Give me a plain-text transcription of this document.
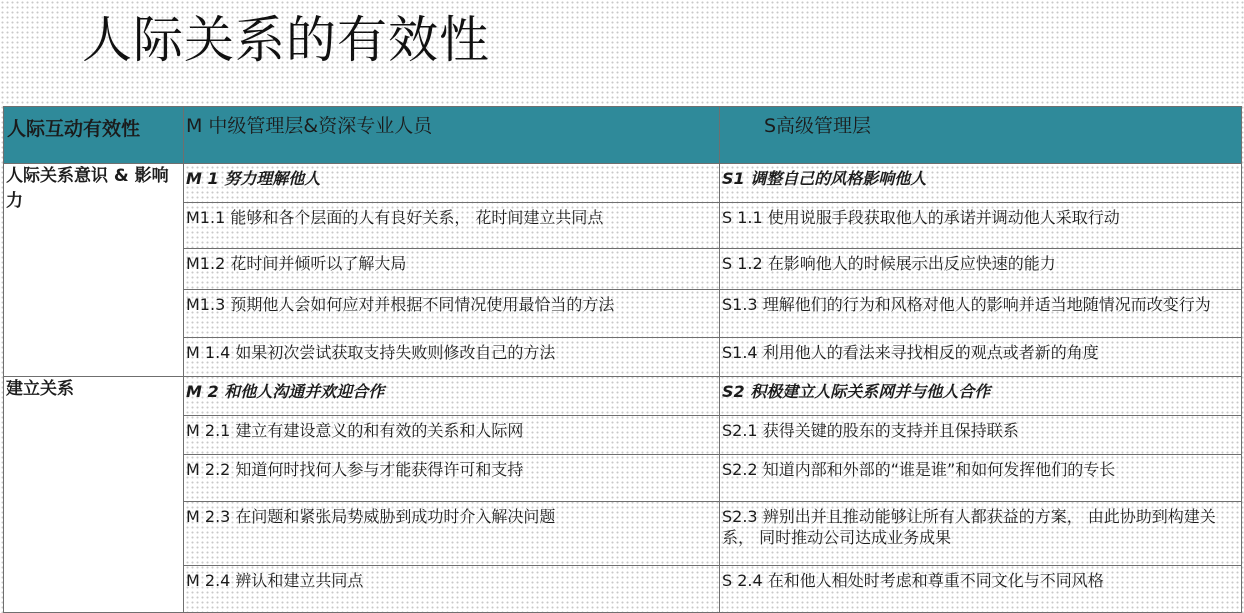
人际关系的有效性
人际互动有效性	M 中级管理层&资深专业人员	S高级管理层

人际关系意识 & 影响力	M 1 努力理解他人	S1 调整自己的风格影响他人

	M1.1 能够和各个层面的人有良好关系， 花时间建立共同点	S 1.1 使用说服手段获取他人的承诺并调动他人采取行动

	M1.2 花时间并倾听以了解大局	S 1.2 在影响他人的时候展示出反应快速的能力

	M1.3 预期他人会如何应对并根据不同情况使用最恰当的方法	S1.3 理解他们的行为和风格对他人的影响并适当地随情况而改变行为

	M 1.4 如果初次尝试获取支持失败则修改自己的方法	S1.4 利用他人的看法来寻找相反的观点或者新的角度

建立关系	M 2 和他人沟通并欢迎合作	S2 积极建立人际关系网并与他人合作

	M 2.1 建立有建设意义的和有效的关系和人际网	S2.1 获得关键的股东的支持并且保持联系

	M 2.2 知道何时找何人参与才能获得许可和支持	S2.2 知道内部和外部的“谁是谁”和如何发挥他们的专长

	M 2.3 在问题和紧张局势威胁到成功时介入解决问题	S2.3 辨别出并且推动能够让所有人都获益的方案， 由此协助到构建关系， 同时推动公司达成业务成果

	M 2.4 辨认和建立共同点	S 2.4 在和他人相处时考虑和尊重不同文化与不同风格
